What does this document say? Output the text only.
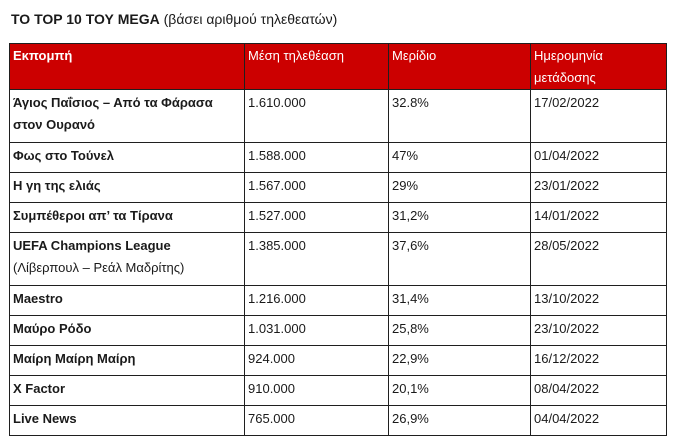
ΤΟ TOP 10 ΤΟΥ MEGA (βάσει αριθμού τηλεθεατών)
Εκπομπή	Μέση τηλεθέαση	Μερίδιο	Ημερομηνία μετάδοσης
Άγιος Παΐσιος – Από τα Φάρασα στον Ουρανό	1.610.000	32.8%	17/02/2022
Φως στο Τούνελ	1.588.000	47%	01/04/2022
Η γη της ελιάς	1.567.000	29%	23/01/2022
Συμπέθεροι απ’ τα Τίρανα	1.527.000	31,2%	14/01/2022
UEFA Champions League
(Λίβερπουλ – Ρεάλ Μαδρίτης)	1.385.000	37,6%	28/05/2022
Maestro	1.216.000	31,4%	13/10/2022
Μαύρο Ρόδο	1.031.000	25,8%	23/10/2022
Μαίρη Μαίρη Μαίρη	924.000	22,9%	16/12/2022
X Factor	910.000	20,1%	08/04/2022
Live News	765.000	26,9%	04/04/2022
